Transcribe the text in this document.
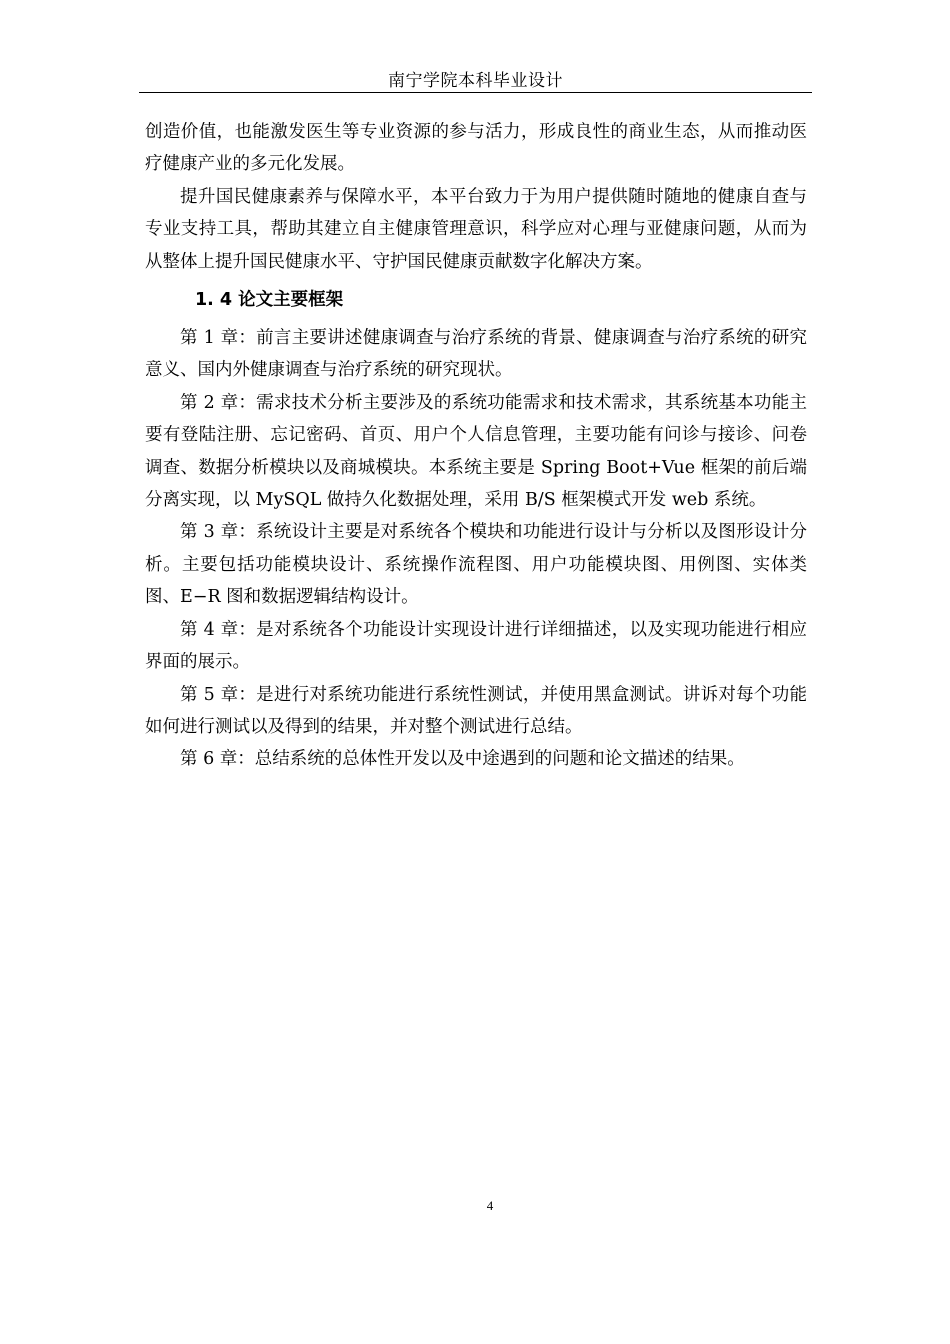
南宁学院本科毕业设计

创造价值，也能激发医生等专业资源的参与活力，形成良性的商业生态，从而推动医疗健康产业的多元化发展。

提升国民健康素养与保障水平，本平台致力于为用户提供随时随地的健康自查与专业支持工具，帮助其建立自主健康管理意识，科学应对心理与亚健康问题，从而为从整体上提升国民健康水平、守护国民健康贡献数字化解决方案。

1. 4 论文主要框架

第 1 章：前言主要讲述健康调查与治疗系统的背景、健康调查与治疗系统的研究意义、国内外健康调查与治疗系统的研究现状。

第 2 章：需求技术分析主要涉及的系统功能需求和技术需求，其系统基本功能主要有登陆注册、忘记密码、首页、用户个人信息管理，主要功能有问诊与接诊、问卷调查、数据分析模块以及商城模块。本系统主要是 Spring Boot+Vue 框架的前后端分离实现，以 MySQL 做持久化数据处理，采用 B/S 框架模式开发 web 系统。

第 3 章：系统设计主要是对系统各个模块和功能进行设计与分析以及图形设计分析。主要包括功能模块设计、系统操作流程图、用户功能模块图、用例图、实体类图、E−R 图和数据逻辑结构设计。

第 4 章：是对系统各个功能设计实现设计进行详细描述，以及实现功能进行相应界面的展示。

第 5 章：是进行对系统功能进行系统性测试，并使用黑盒测试。讲诉对每个功能如何进行测试以及得到的结果，并对整个测试进行总结。

第 6 章：总结系统的总体性开发以及中途遇到的问题和论文描述的结果。

4
